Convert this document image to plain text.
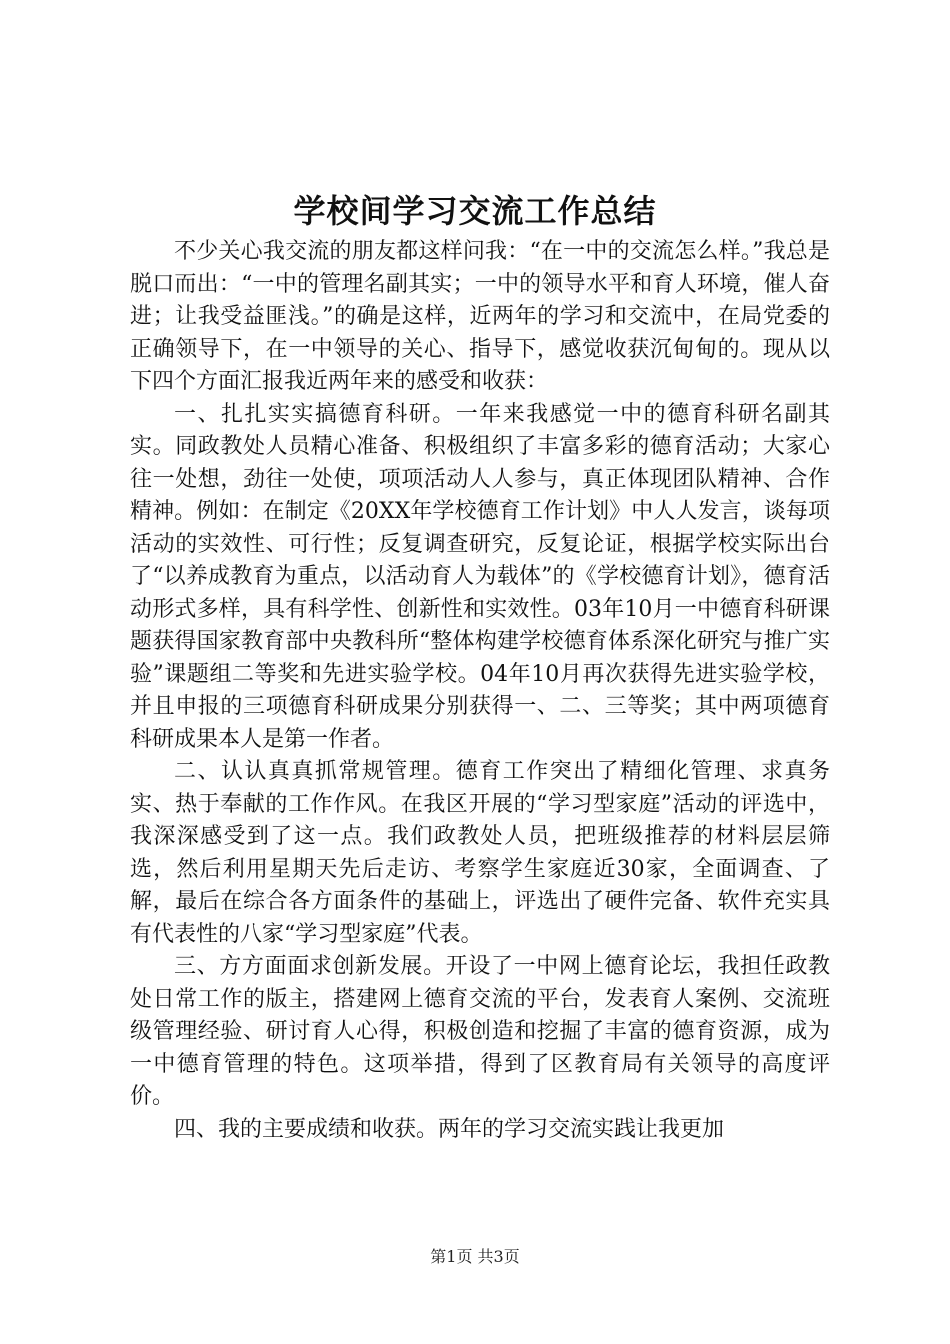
学校间学习交流工作总结

不少关心我交流的朋友都这样问我：“在一中的交流怎么样。”我总是脱口而出：“一中的管理名副其实；一中的领导水平和育人环境，催人奋进；让我受益匪浅。”的确是这样，近两年的学习和交流中，在局党委的正确领导下，在一中领导的关心、指导下，感觉收获沉甸甸的。现从以下四个方面汇报我近两年来的感受和收获：

一、扎扎实实搞德育科研。一年来我感觉一中的德育科研名副其实。同政教处人员精心准备、积极组织了丰富多彩的德育活动；大家心往一处想，劲往一处使，项项活动人人参与，真正体现团队精神、合作精神。例如：在制定《20XX年学校德育工作计划》中人人发言，谈每项活动的实效性、可行性；反复调查研究，反复论证，根据学校实际出台了“以养成教育为重点，以活动育人为载体”的《学校德育计划》，德育活动形式多样，具有科学性、创新性和实效性。03年10月一中德育科研课题获得国家教育部中央教科所“整体构建学校德育体系深化研究与推广实验”课题组二等奖和先进实验学校。04年10月再次获得先进实验学校，并且申报的三项德育科研成果分别获得一、二、三等奖；其中两项德育科研成果本人是第一作者。

二、认认真真抓常规管理。德育工作突出了精细化管理、求真务实、热于奉献的工作作风。在我区开展的“学习型家庭”活动的评选中，我深深感受到了这一点。我们政教处人员，把班级推荐的材料层层筛选，然后利用星期天先后走访、考察学生家庭近30家，全面调查、了解，最后在综合各方面条件的基础上，评选出了硬件完备、软件充实具有代表性的八家“学习型家庭”代表。

三、方方面面求创新发展。开设了一中网上德育论坛，我担任政教处日常工作的版主，搭建网上德育交流的平台，发表育人案例、交流班级管理经验、研讨育人心得，积极创造和挖掘了丰富的德育资源，成为一中德育管理的特色。这项举措，得到了区教育局有关领导的高度评价。

四、我的主要成绩和收获。两年的学习交流实践让我更加

第1页 共3页
